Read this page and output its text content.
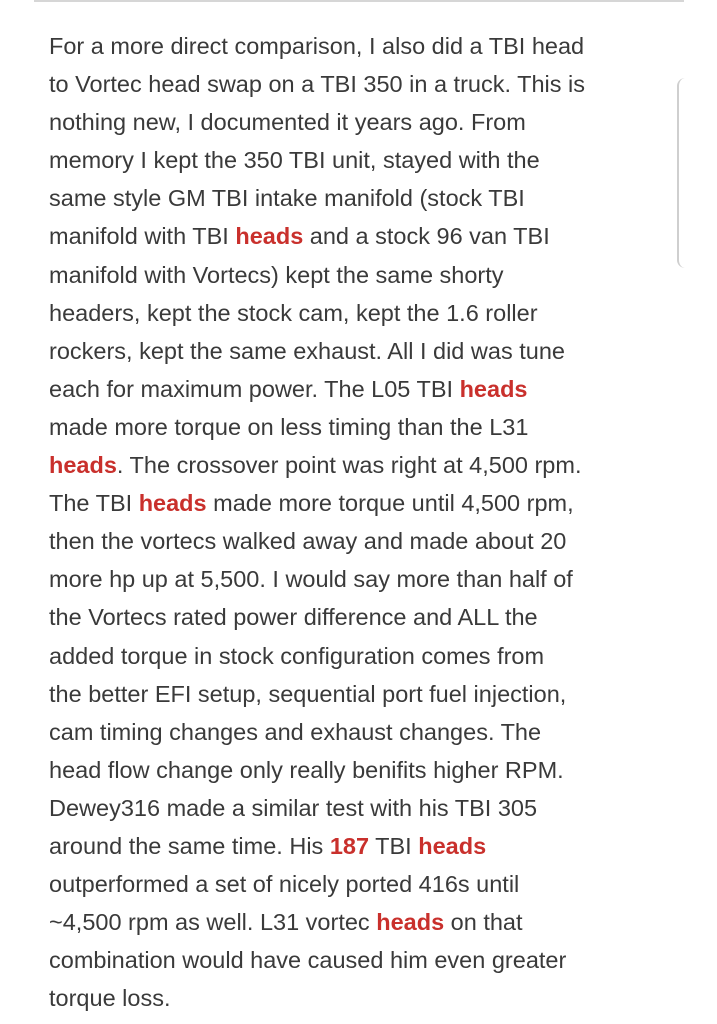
For a more direct comparison, I also did a TBI head
to Vortec head swap on a TBI 350 in a truck. This is
nothing new, I documented it years ago. From
memory I kept the 350 TBI unit, stayed with the
same style GM TBI intake manifold (stock TBI
manifold with TBI heads and a stock 96 van TBI
manifold with Vortecs) kept the same shorty
headers, kept the stock cam, kept the 1.6 roller
rockers, kept the same exhaust. All I did was tune
each for maximum power. The L05 TBI heads
made more torque on less timing than the L31
heads. The crossover point was right at 4,500 rpm.
The TBI heads made more torque until 4,500 rpm,
then the vortecs walked away and made about 20
more hp up at 5,500. I would say more than half of
the Vortecs rated power difference and ALL the
added torque in stock configuration comes from
the better EFI setup, sequential port fuel injection,
cam timing changes and exhaust changes. The
head flow change only really benifits higher RPM.
Dewey316 made a similar test with his TBI 305
around the same time. His 187 TBI heads
outperformed a set of nicely ported 416s until
~4,500 rpm as well. L31 vortec heads on that
combination would have caused him even greater
torque loss.
